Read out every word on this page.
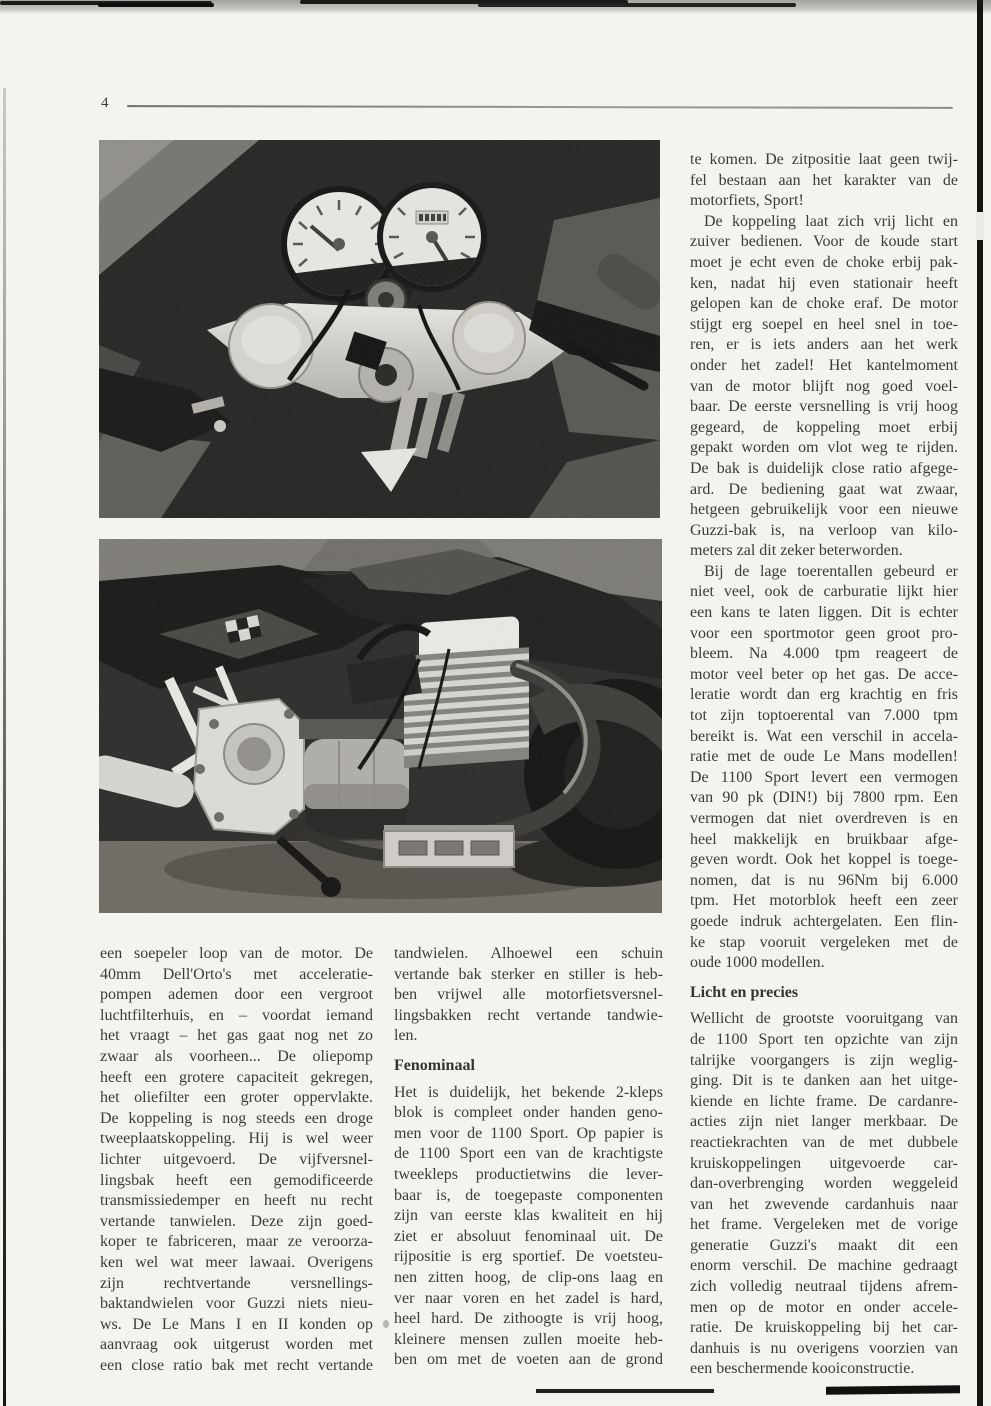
4
een soepeler loop van de motor. De
40mm Dell'Orto's met acceleratie-
pompen ademen door een vergroot
luchtfilterhuis, en – voordat iemand
het vraagt – het gas gaat nog net zo
zwaar als voorheen... De oliepomp
heeft een grotere capaciteit gekregen,
het oliefilter een groter oppervlakte.
De koppeling is nog steeds een droge
tweeplaatskoppeling. Hij is wel weer
lichter uitgevoerd. De vijfversnel-
lingsbak heeft een gemodificeerde
transmissiedemper en heeft nu recht
vertande tanwielen. Deze zijn goed-
koper te fabriceren, maar ze veroorza-
ken wel wat meer lawaai. Overigens
zijn rechtvertande versnellings-
baktandwielen voor Guzzi niets nieu-
ws. De Le Mans I en II konden op
aanvraag ook uitgerust worden met
een close ratio bak met recht vertande
tandwielen. Alhoewel een schuin
vertande bak sterker en stiller is heb-
ben vrijwel alle motorfietsversnel-
lingsbakken recht vertande tandwie-
len.
Fenominaal
Het is duidelijk, het bekende 2-kleps
blok is compleet onder handen geno-
men voor de 1100 Sport. Op papier is
de 1100 Sport een van de krachtigste
tweekleps productietwins die lever-
baar is, de toegepaste componenten
zijn van eerste klas kwaliteit en hij
ziet er absoluut fenominaal uit. De
rijpositie is erg sportief. De voetsteu-
nen zitten hoog, de clip-ons laag en
ver naar voren en het zadel is hard,
heel hard. De zithoogte is vrij hoog,
kleinere mensen zullen moeite heb-
ben om met de voeten aan de grond
te komen. De zitpositie laat geen twij-
fel bestaan aan het karakter van de
motorfiets, Sport!
De koppeling laat zich vrij licht en
zuiver bedienen. Voor de koude start
moet je echt even de choke erbij pak-
ken, nadat hij even stationair heeft
gelopen kan de choke eraf. De motor
stijgt erg soepel en heel snel in toe-
ren, er is iets anders aan het werk
onder het zadel! Het kantelmoment
van de motor blijft nog goed voel-
baar. De eerste versnelling is vrij hoog
gegeard, de koppeling moet erbij
gepakt worden om vlot weg te rijden.
De bak is duidelijk close ratio afgege-
ard. De bediening gaat wat zwaar,
hetgeen gebruikelijk voor een nieuwe
Guzzi-bak is, na verloop van kilo-
meters zal dit zeker beterworden.
Bij de lage toerentallen gebeurd er
niet veel, ook de carburatie lijkt hier
een kans te laten liggen. Dit is echter
voor een sportmotor geen groot pro-
bleem. Na 4.000 tpm reageert de
motor veel beter op het gas. De acce-
leratie wordt dan erg krachtig en fris
tot zijn toptoerental van 7.000 tpm
bereikt is. Wat een verschil in accela-
ratie met de oude Le Mans modellen!
De 1100 Sport levert een vermogen
van 90 pk (DIN!) bij 7800 rpm. Een
vermogen dat niet overdreven is en
heel makkelijk en bruikbaar afge-
geven wordt. Ook het koppel is toege-
nomen, dat is nu 96Nm bij 6.000
tpm. Het motorblok heeft een zeer
goede indruk achtergelaten. Een flin-
ke stap vooruit vergeleken met de
oude 1000 modellen.
Licht en precies
Wellicht de grootste vooruitgang van
de 1100 Sport ten opzichte van zijn
talrijke voorgangers is zijn weglig-
ging. Dit is te danken aan het uitge-
kiende en lichte frame. De cardanre-
acties zijn niet langer merkbaar. De
reactiekrachten van de met dubbele
kruiskoppelingen uitgevoerde car-
dan-overbrenging worden weggeleid
van het zwevende cardanhuis naar
het frame. Vergeleken met de vorige
generatie Guzzi's maakt dit een
enorm verschil. De machine gedraagt
zich volledig neutraal tijdens afrem-
men op de motor en onder accele-
ratie. De kruiskoppeling bij het car-
danhuis is nu overigens voorzien van
een beschermende kooiconstructie.
